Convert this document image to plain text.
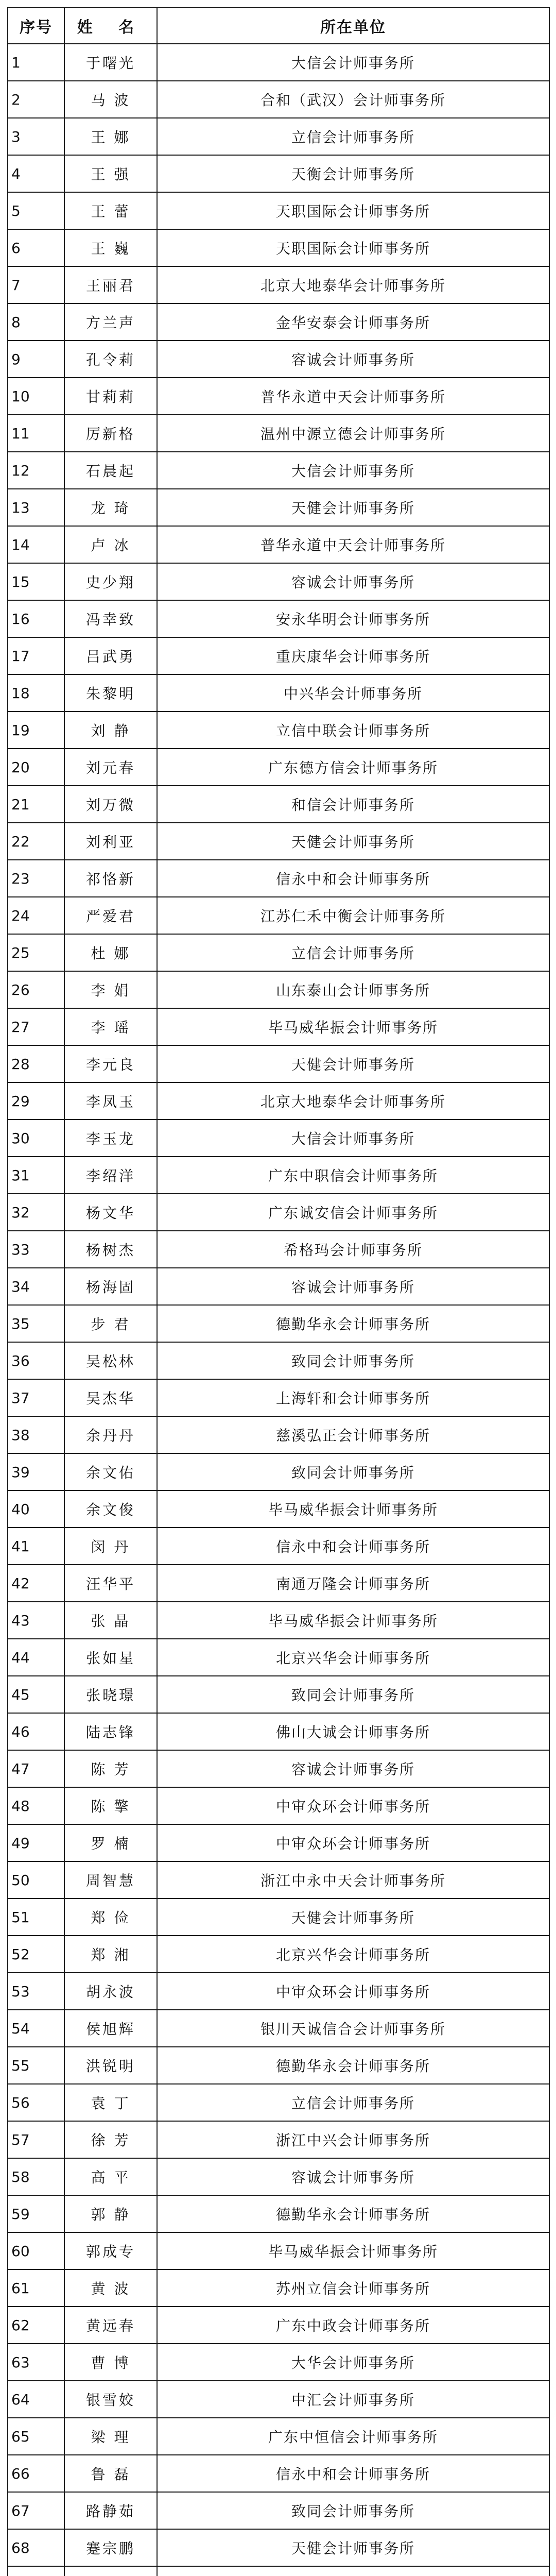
序号	姓 名	所在单位
1	于曙光	大信会计师事务所
2	马 波	合和（武汉）会计师事务所
3	王 娜	立信会计师事务所
4	王 强	天衡会计师事务所
5	王 蕾	天职国际会计师事务所
6	王 巍	天职国际会计师事务所
7	王丽君	北京大地泰华会计师事务所
8	方兰声	金华安泰会计师事务所
9	孔令莉	容诚会计师事务所
10	甘莉莉	普华永道中天会计师事务所
11	厉新格	温州中源立德会计师事务所
12	石晨起	大信会计师事务所
13	龙 琦	天健会计师事务所
14	卢 冰	普华永道中天会计师事务所
15	史少翔	容诚会计师事务所
16	冯幸致	安永华明会计师事务所
17	吕武勇	重庆康华会计师事务所
18	朱黎明	中兴华会计师事务所
19	刘 静	立信中联会计师事务所
20	刘元春	广东德方信会计师事务所
21	刘万微	和信会计师事务所
22	刘利亚	天健会计师事务所
23	祁恪新	信永中和会计师事务所
24	严爱君	江苏仁禾中衡会计师事务所
25	杜 娜	立信会计师事务所
26	李 娟	山东泰山会计师事务所
27	李 瑶	毕马威华振会计师事务所
28	李元良	天健会计师事务所
29	李凤玉	北京大地泰华会计师事务所
30	李玉龙	大信会计师事务所
31	李绍洋	广东中职信会计师事务所
32	杨文华	广东诚安信会计师事务所
33	杨树杰	希格玛会计师事务所
34	杨海固	容诚会计师事务所
35	步 君	德勤华永会计师事务所
36	吴松林	致同会计师事务所
37	吴杰华	上海轩和会计师事务所
38	余丹丹	慈溪弘正会计师事务所
39	余文佑	致同会计师事务所
40	余文俊	毕马威华振会计师事务所
41	闵 丹	信永中和会计师事务所
42	汪华平	南通万隆会计师事务所
43	张 晶	毕马威华振会计师事务所
44	张如星	北京兴华会计师事务所
45	张晓璟	致同会计师事务所
46	陆志锋	佛山大诚会计师事务所
47	陈 芳	容诚会计师事务所
48	陈 擎	中审众环会计师事务所
49	罗 楠	中审众环会计师事务所
50	周智慧	浙江中永中天会计师事务所
51	郑 俭	天健会计师事务所
52	郑 湘	北京兴华会计师事务所
53	胡永波	中审众环会计师事务所
54	侯旭辉	银川天诚信合会计师事务所
55	洪锐明	德勤华永会计师事务所
56	袁 丁	立信会计师事务所
57	徐 芳	浙江中兴会计师事务所
58	高 平	容诚会计师事务所
59	郭 静	德勤华永会计师事务所
60	郭成专	毕马威华振会计师事务所
61	黄 波	苏州立信会计师事务所
62	黄远春	广东中政会计师事务所
63	曹 博	大华会计师事务所
64	银雪姣	中汇会计师事务所
65	梁 理	广东中恒信会计师事务所
66	鲁 磊	信永中和会计师事务所
67	路静茹	致同会计师事务所
68	蹇宗鹏	天健会计师事务所
